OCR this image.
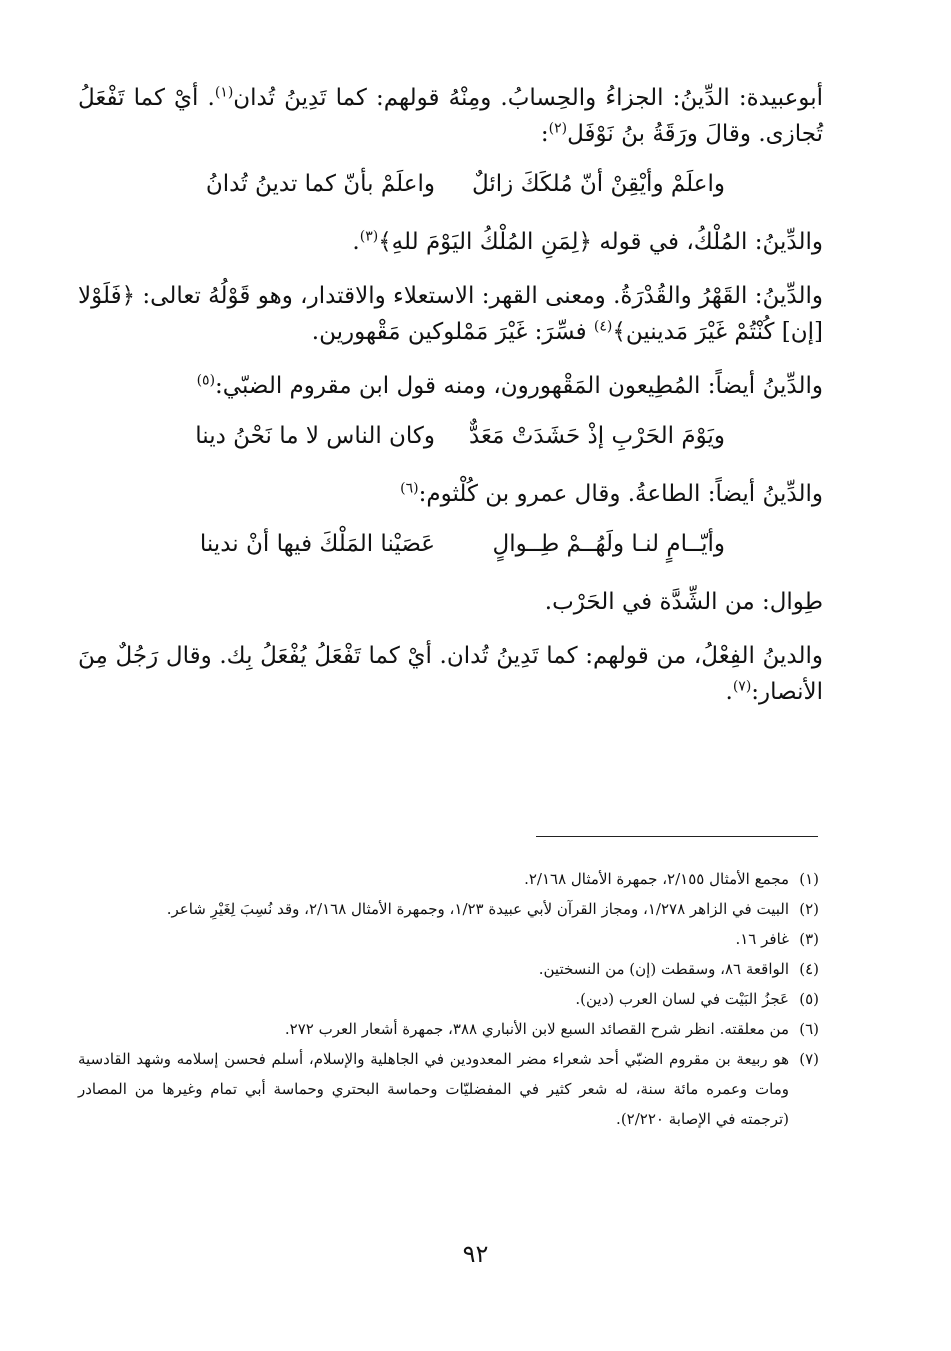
أبوعبيدة: الدِّينُ: الجزاءُ والحِسابُ. ومِنْهُ قولهم: كما تَدِينُ تُدان$^{(١)}$. أيْ كما تَفْعَلُ تُجازى. وقالَ ورَقَةُ بنُ نَوْفَل$^{(٢)}$:

واعلَمْ وأيْقِنْ أنّ مُلكَكَ زائلٌ
واعلَمْ بأنّ كما تدينُ تُدانُ

والدِّينُ: المُلْكُ، في قوله ﴿لِمَنِ المُلْكُ اليَوْمَ للهِ﴾$^{(٣)}$.

والدِّينُ: القَهْرُ والقُدْرَةُ. ومعنى القهر: الاستعلاء والاقتدار، وهو قَوْلُهُ تعالى: ﴿فَلَوْلا [إن] كُنْتُمْ غَيْرَ مَدينين﴾$^{(٤)}$ فسِّرَ: غَيْرَ مَمْلوكين مَقْهورين.

والدِّينُ أيضاً: المُطِيعون المَقْهورون، ومنه قول ابن مقروم الضبّي:$^{(٥)}$

ويَوْمَ الحَرْبِ إذْ حَشَدَتْ مَعَدٌّ
وكان الناس لا ما نَحْنُ دينا

والدِّينُ أيضاً: الطاعةُ. وقال عمرو بن كُلْثوم:$^{(٦)}$

وأيّــامٍ لنـا ولَهُــمْ طِــوالٍ
عَصَيْنا المَلْكَ فيها أنْ ندينا

طِوال: من الشِّدَّة في الحَرْب.

والدينُ الفِعْلُ، من قولهم: كما تَدِينُ تُدان. أيْ كما تَفْعَلُ يُفْعَلُ بِك. وقال رَجُلٌ مِنَ الأنصار:$^{(٧)}$.

(١)
مجمع الأمثال ٢/١٥٥، جمهرة الأمثال ٢/١٦٨.

(٢)
البيت في الزاهر ١/٢٧٨، ومجاز القرآن لأبي عبيدة ١/٢٣، وجمهرة الأمثال ٢/١٦٨، وقد نُسِبَ لِغَيْرِ شاعر.

(٣)
غافر ١٦.

(٤)
الواقعة ٨٦، وسقطت (إن) من النسختين.

(٥)
عَجزُ البَيْت في لسان العرب (دين).

(٦)
من معلقته. انظر شرح القصائد السبع لابن الأنباري ٣٨٨، جمهرة أشعار العرب ٢٧٢.

(٧)
هو ربيعة بن مقروم الضبّي أحد شعراء مضر المعدودين في الجاهلية والإسلام، أسلم فحسن إسلامه وشهد القادسية ومات وعمره مائة سنة، له شعر كثير في المفضليّات وحماسة البحتري وحماسة أبي تمام وغيرها من المصادر (ترجمته في الإصابة ٢/٢٢٠).

٩٢
